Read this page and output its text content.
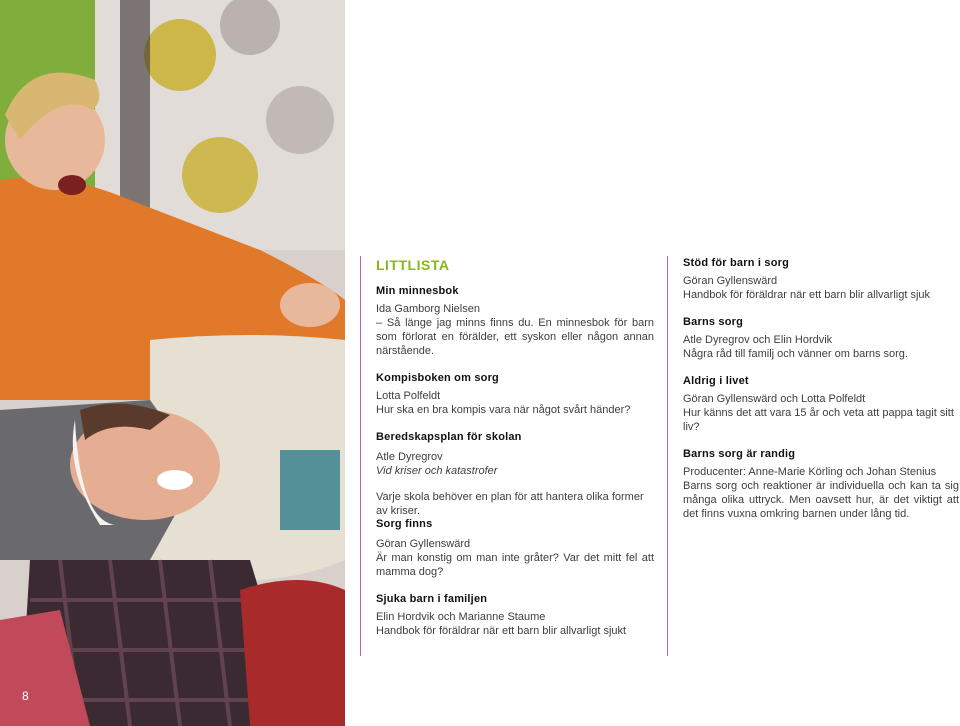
8
LITTLISTA
Min minnesbok
Ida Gamborg Nielsen
– Så länge jag minns finns du. En minnesbok för barn som förlorat en förälder, ett syskon eller någon annan närstående.
Kompisboken om sorg
Lotta Polfeldt
Hur ska en bra kompis vara när något svårt händer?
Beredskapsplan för skolan
Atle Dyregrov
Vid kriser och katastrofer
Varje skola behöver en plan för att hantera olika former av kriser.
Sorg finns
Göran Gyllenswärd
Är man konstig om man inte gråter? Var det mitt fel att mamma dog?
Sjuka barn i familjen
Elin Hordvik och Marianne Staume
Handbok för föräldrar när ett barn blir allvarligt sjukt
Stöd för barn i sorg
Göran Gyllenswärd
Handbok för föräldrar när ett barn blir allvarligt sjuk
Barns sorg
Atle Dyregrov och Elin Hordvik
Några råd till familj och vänner om barns sorg.
Aldrig i livet
Göran Gyllenswärd och Lotta Polfeldt
Hur känns det att vara 15 år och veta att pappa tagit sitt liv?
Barns sorg är randig
Producenter: Anne-Marie Körling och Johan Stenius
Barns sorg och reaktioner är individuella och kan ta sig många olika uttryck. Men oavsett hur, är det viktigt att det finns vuxna omkring barnen under lång tid.
